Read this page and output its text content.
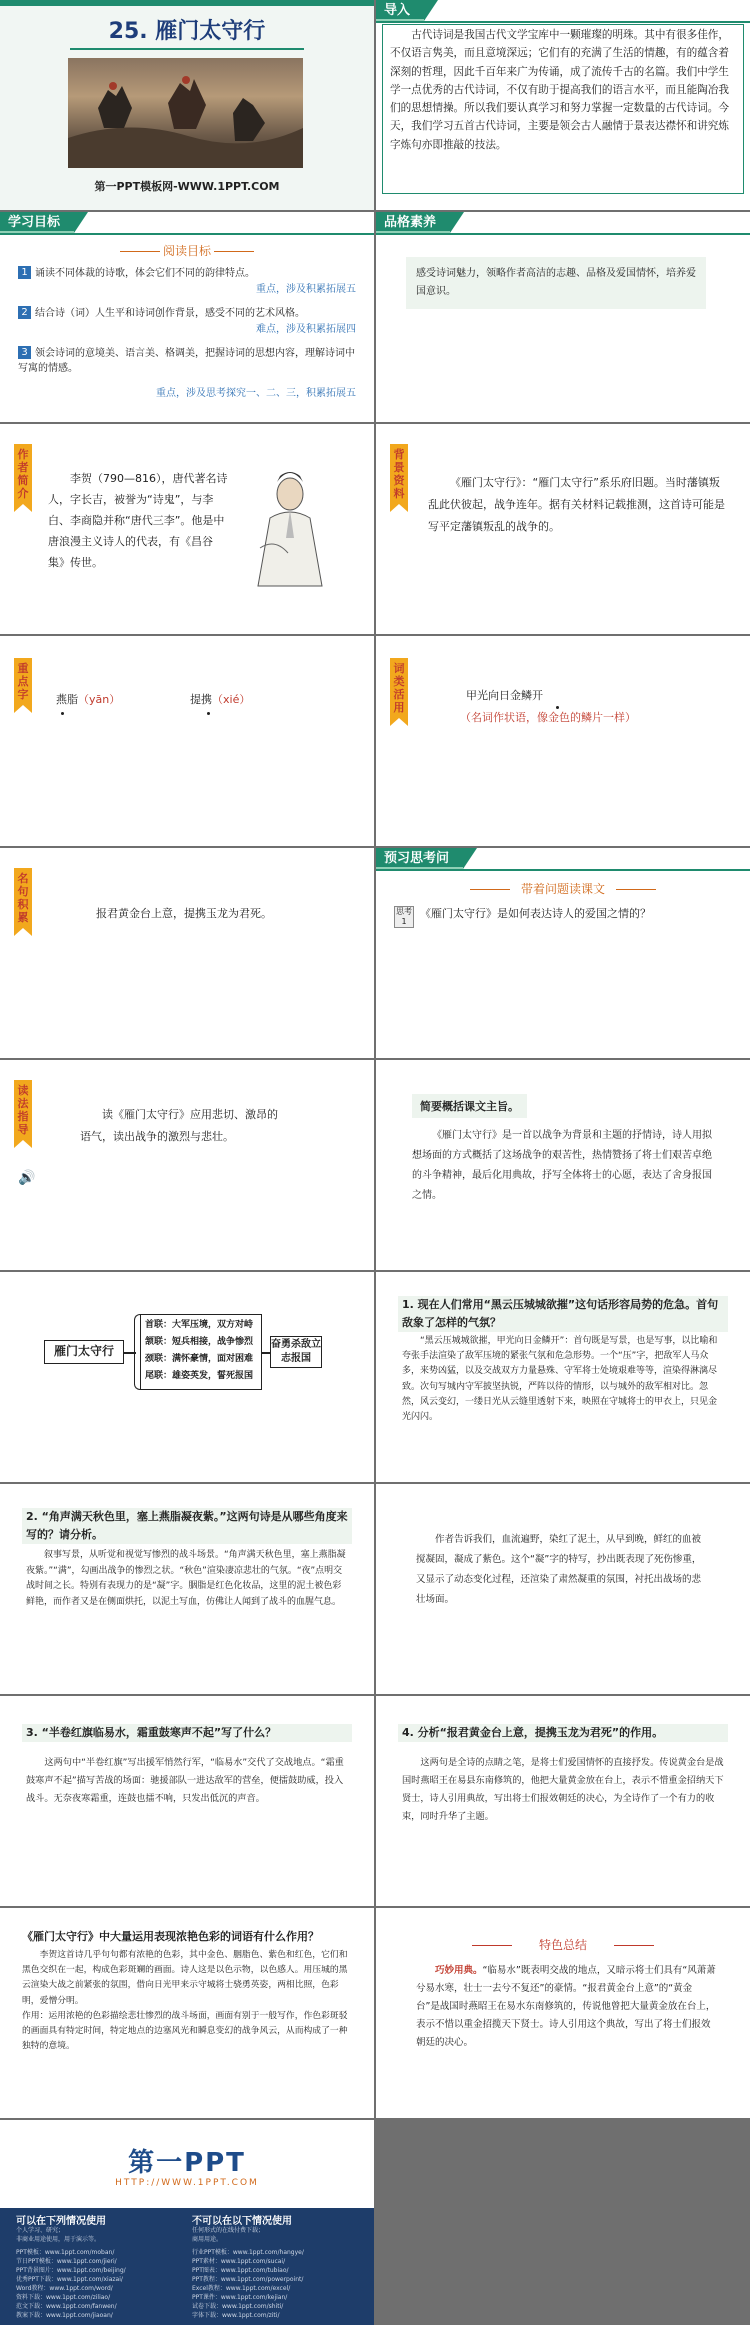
25. 雁门太守行
第一PPT模板网-WWW.1PPT.COM
导入
古代诗词是我国古代文学宝库中一颗璀璨的明珠。其中有很多佳作，不仅语言隽美，而且意境深远；它们有的充满了生活的情趣，有的蕴含着深刻的哲理，因此千百年来广为传诵，成了流传千古的名篇。我们中学生学一点优秀的古代诗词，不仅有助于提高我们的语言水平，而且能陶冶我们的思想情操。所以我们要认真学习和努力掌握一定数量的古代诗词。今天，我们学习五首古代诗词，主要是领会古人融情于景表达襟怀和讲究炼字炼句亦即推敲的技法。
学习目标
阅读目标
1 诵读不同体裁的诗歌，体会它们不同的韵律特点。
重点，涉及积累拓展五
2 结合诗（词）人生平和诗词创作背景，感受不同的艺术风格。
难点，涉及积累拓展四
3 领会诗词的意境美、语言美、格调美，把握诗词的思想内容，理解诗词中写寓的情感。
重点，涉及思考探究一、二、三，积累拓展五
品格素养
感受诗词魅力，领略作者高洁的志趣、品格及爱国情怀，培养爱国意识。
作者简介
李贺（790—816），唐代著名诗人，字长吉，被誉为“诗鬼”，与李白、李商隐并称“唐代三李”。他是中唐浪漫主义诗人的代表，有《昌谷集》传世。
背景资料
《雁门太守行》：“雁门太守行”系乐府旧题。当时藩镇叛乱此伏彼起，战争连年。据有关材料记载推测，这首诗可能是写平定藩镇叛乱的战争的。
重点字	燕脂（yān）	提携（xié）
词类活用
甲光向日金鳞开
（名词作状语，像金色的鳞片一样）
名句积累	报君黄金台上意，提携玉龙为君死。
预习思考问
带着问题读课文
思考1
《雁门太守行》是如何表达诗人的爱国之情的？
读法指导
读《雁门太守行》应用悲切、激昂的语气，读出战争的激烈与悲壮。
🔊
简要概括课文主旨。
《雁门太守行》是一首以战争为背景和主题的抒情诗，诗人用拟想场面的方式概括了这场战争的艰苦性，热情赞扬了将士们艰苦卓绝的斗争精神，最后化用典故，抒写全体将士的心愿，表达了舍身报国之情。
雁门太守行
首联：大军压境，双方对峙
颔联：短兵相接，战争惨烈
颈联：满怀豪情，面对困难
尾联：雄姿英发，誓死报国
奋勇杀敌立志报国
1. 现在人们常用“黑云压城城欲摧”这句话形容局势的危急。首句敌象了怎样的气氛？
“黑云压城城欲摧，甲光向日金鳞开”：首句既是写景，也是写事，以比喻和夸张手法渲染了敌军压境的紧张气氛和危急形势。一个“压”字，把敌军人马众多，来势凶猛，以及交战双方力量悬殊、守军将士处境艰难等等，渲染得淋漓尽致。次句写城内守军披坚执锐，严阵以待的情形，以与城外的敌军相对比。忽然，风云变幻，一缕日光从云缝里透射下来，映照在守城将士的甲衣上，只见金光闪闪。
2. “角声满天秋色里，塞上燕脂凝夜紫。”这两句诗是从哪些角度来写的？请分析。
叙事写景，从听觉和视觉写惨烈的战斗场景。“角声满天秋色里，塞上燕脂凝夜紫。”“满”，勾画出战争的惨烈之状。“秋色”渲染凄凉悲壮的气氛。“夜”点明交战时间之长。特别有表现力的是“凝”字。胭脂是红色化妆品，这里的泥土被色彩鲜艳，而作者又是在侧面烘托，以泥土写血，仿佛让人闻到了战斗的血腥气息。
作者告诉我们，血流遍野，染红了泥土，从早到晚，鲜红的血被搅凝固，凝成了紫色。这个“凝”字的特写，抄出既表现了死伤惨重，又显示了动态变化过程，还渲染了肃然凝重的氛围，衬托出战场的悲壮场面。
3. “半卷红旗临易水，霜重鼓寒声不起”写了什么？
这两句中“半卷红旗”写出援军悄然行军，“临易水”交代了交战地点。“霜重鼓寒声不起”描写苦战的场面：驰援部队一进达敌军的营垒，便擂鼓助威，投入战斗。无奈夜寒霜重，连鼓也擂不响，只发出低沉的声音。
4. 分析“报君黄金台上意，提携玉龙为君死”的作用。
这两句是全诗的点睛之笔，是将士们爱国情怀的直接抒发。传说黄金台是战国时燕昭王在易县东南修筑的，他把大量黄金放在台上，表示不惜重金招纳天下贤士，诗人引用典故，写出将士们报效朝廷的决心，为全诗作了一个有力的收束，同时升华了主题。
《雁门太守行》中大量运用表现浓艳色彩的词语有什么作用？
李贺这首诗几乎句句都有浓艳的色彩，其中金色、胭脂色、紫色和红色，它们和黑色交织在一起，构成色彩斑斓的画面。诗人这是以色示物，以色感人。用压城的黑云渲染大战之前紧张的氛围，借向日光甲来示守城将士骁勇英姿，两相比照，色彩明，爱憎分明。
作用：运用浓艳的色彩描绘悲壮惨烈的战斗场面，画面有别于一般写作，作色彩斑驳的画面具有特定时间，特定地点的边塞风光和瞬息变幻的战争风云，从而构成了一种独特的意境。
特色总结
巧妙用典。“临易水”既表明交战的地点，又暗示将士们具有“风萧萧兮易水寒，壮士一去兮不复还”的豪情。“报君黄金台上意”的“黄金台”是战国时燕昭王在易水东南修筑的，传说他曾把大量黄金放在台上，表示不惜以重金招揽天下贤士。诗人引用这个典故，写出了将士们报效朝廷的决心。
第一PPT
HTTP://WWW.1PPT.COM
可以在下列情况使用	不可以在以下情况使用
个人学习、研究；
非商业用途使用，用于演示等。
任何形式的在线付费下载；
商用用途。
PPT模板：www.1ppt.com/moban/
节日PPT模板：www.1ppt.com/jieri/
PPT背景图片：www.1ppt.com/beijing/
优秀PPT下载：www.1ppt.com/xiazai/
Word教程：www.1ppt.com/word/
资料下载：www.1ppt.com/ziliao/
范文下载：www.1ppt.com/fanwen/
教案下载：www.1ppt.com/jiaoan/
行业PPT模板：www.1ppt.com/hangye/
PPT素材：www.1ppt.com/sucai/
PPT图表：www.1ppt.com/tubiao/
PPT教程：www.1ppt.com/powerpoint/
Excel教程：www.1ppt.com/excel/
PPT课件：www.1ppt.com/kejian/
试卷下载：www.1ppt.com/shiti/
字体下载：www.1ppt.com/ziti/
